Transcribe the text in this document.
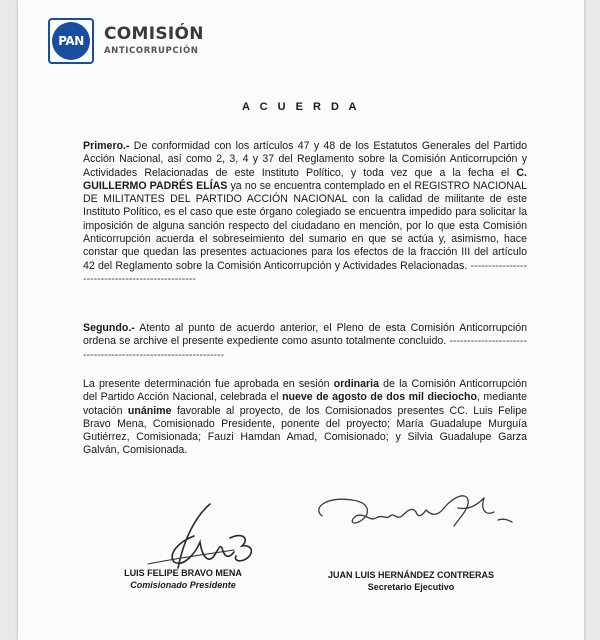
PAN	COMISIÓN
ANTICORRUPCIÓN
A C U E R D A
Primero.- De conformidad con los artículos 47 y 48 de los Estatutos Generales del Partido Acción Nacional, así como 2, 3, 4 y 37 del Reglamento sobre la Comisión Anticorrupción y Actividades Relacionadas de este Instituto Político, y toda vez que a la fecha el C. GUILLERMO PADRÉS ELÍAS ya no se encuentra contemplado en el REGISTRO NACIONAL DE MILITANTES DEL PARTIDO ACCIÓN NACIONAL con la calidad de militante de este Instituto Político, es el caso que este órgano colegiado se encuentra impedido para solicitar la imposición de alguna sanción respecto del ciudadano en mención, por lo que esta Comisión Anticorrupción acuerda el sobreseimiento del sumario en que se actúa y, asimismo, hace constar que quedan las presentes actuaciones para los efectos de la fracción III del artículo 42 del Reglamento sobre la Comisión Anticorrupción y Actividades Relacionadas. ------------------------------------------------
Segundo.- Atento al punto de acuerdo anterior, el Pleno de esta Comisión Anticorrupción ordena se archive el presente expediente como asunto totalmente concluido. --------------------------------------------------------------
La presente determinación fue aprobada en sesión ordinaria de la Comisión Anticorrupción del Partido Acción Nacional, celebrada el nueve de agosto de dos mil dieciocho, mediante votación unánime favorable al proyecto, de los Comisionados presentes CC. Luis Felipe Bravo Mena, Comisionado Presidente, ponente del proyecto; María Guadalupe Murguía Gutiérrez, Comisionada; Fauzi Hamdan Amad, Comisionado; y Silvia Guadalupe Garza Galván, Comisionada.
LUIS FELIPE BRAVO MENA
Comisionado Presidente
JUAN LUIS HERNÁNDEZ CONTRERAS
Secretario Ejecutivo
